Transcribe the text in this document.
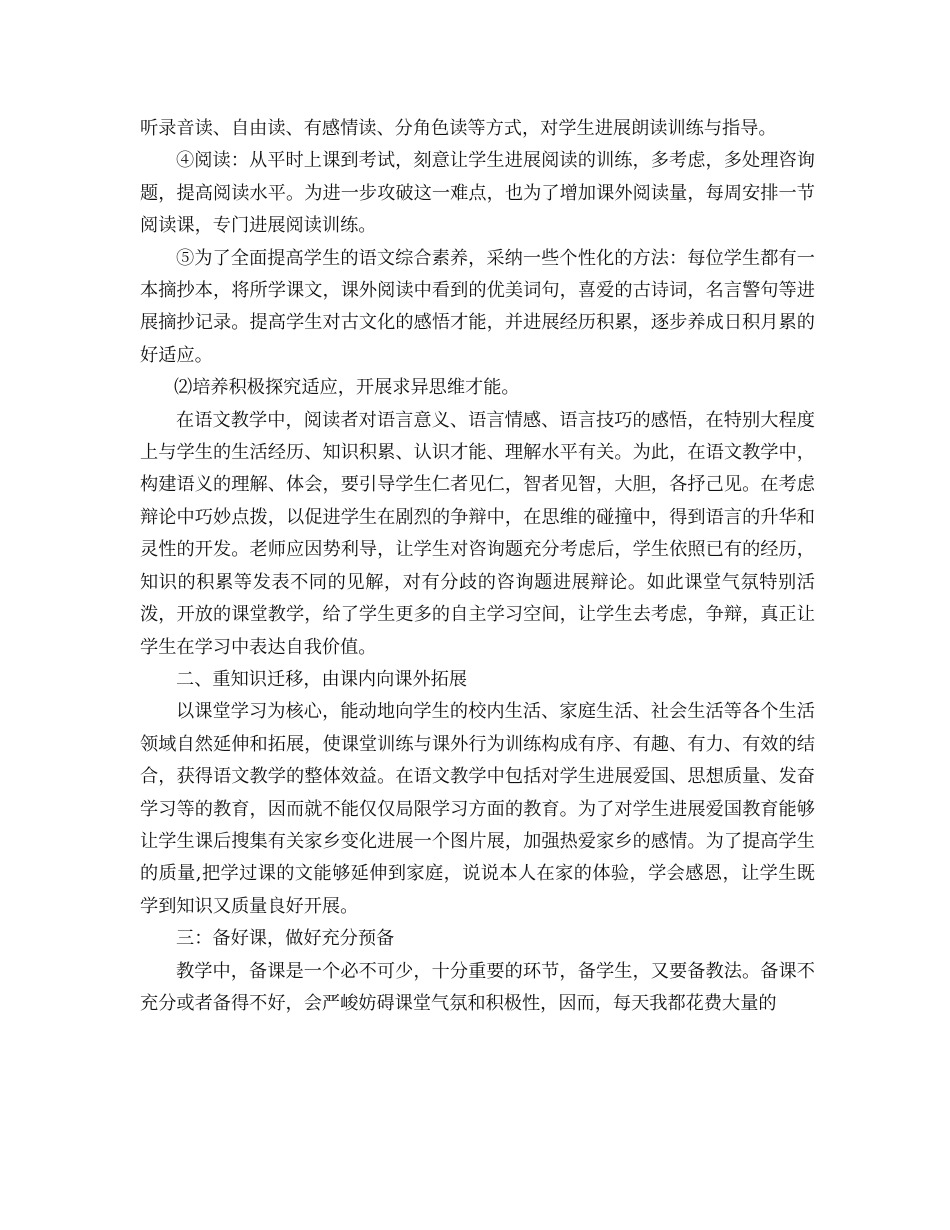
听录音读、自由读、有感情读、分角色读等方式，对学生进展朗读训练与指导。

④阅读：从平时上课到考试，刻意让学生进展阅读的训练，多考虑，多处理咨询题，提高阅读水平。为进一步攻破这一难点，也为了增加课外阅读量，每周安排一节阅读课，专门进展阅读训练。

⑤为了全面提高学生的语文综合素养，采纳一些个性化的方法：每位学生都有一本摘抄本，将所学课文，课外阅读中看到的优美词句，喜爱的古诗词，名言警句等进展摘抄记录。提高学生对古文化的感悟才能，并进展经历积累，逐步养成日积月累的好适应。

⑵培养积极探究适应，开展求异思维才能。

在语文教学中，阅读者对语言意义、语言情感、语言技巧的感悟，在特别大程度上与学生的生活经历、知识积累、认识才能、理解水平有关。为此，在语文教学中，构建语义的理解、体会，要引导学生仁者见仁，智者见智，大胆，各抒己见。在考虑辩论中巧妙点拨，以促进学生在剧烈的争辩中，在思维的碰撞中，得到语言的升华和灵性的开发。老师应因势利导，让学生对咨询题充分考虑后，学生依照已有的经历，知识的积累等发表不同的见解，对有分歧的咨询题进展辩论。如此课堂气氛特别活泼，开放的课堂教学，给了学生更多的自主学习空间，让学生去考虑，争辩，真正让学生在学习中表达自我价值。

二、重知识迁移，由课内向课外拓展

以课堂学习为核心，能动地向学生的校内生活、家庭生活、社会生活等各个生活领域自然延伸和拓展，使课堂训练与课外行为训练构成有序、有趣、有力、有效的结合，获得语文教学的整体效益。在语文教学中包括对学生进展爱国、思想质量、发奋学习等的教育，因而就不能仅仅局限学习方面的教育。为了对学生进展爱国教育能够让学生课后搜集有关家乡变化进展一个图片展，加强热爱家乡的感情。为了提高学生的质量,把学过课的文能够延伸到家庭，说说本人在家的体验，学会感恩，让学生既学到知识又质量良好开展。

三：备好课，做好充分预备

教学中，备课是一个必不可少，十分重要的环节，备学生，又要备教法。备课不充分或者备得不好，会严峻妨碍课堂气氛和积极性，因而，每天我都花费大量的
